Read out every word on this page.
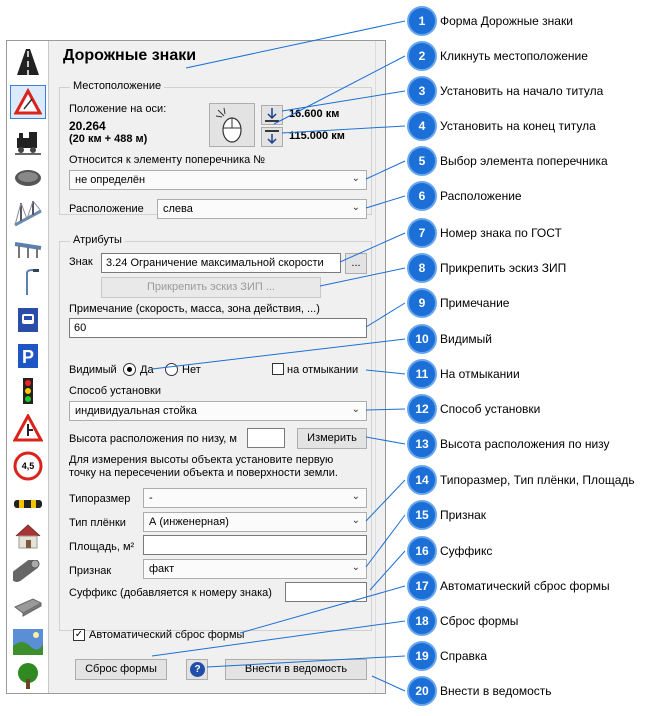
P
4,5
Дорожные знаки
Местоположение
Положение на оси:
20.264
(20 км + 488 м)
16.600 км
115.000 км
Относится к элементу поперечника №
не определён	⌄
Расположение	слева	⌄
Атрибуты
Знак	3.24 Ограничение максимальной скорости	...
Прикрепить эскиз ЗИП ...
Примечание (скорость, масса, зона действия, ...)
60
Видимый Да	Нет	на отмыкании
Способ установки
индивидуальная стойка	⌄
Высота расположения по низу, м	Измерить
Для измерения высоты объекта установите первую
точку на пересечении объекта и поверхности земли.
Типоразмер	-	⌄
Тип плёнки	А (инженерная)	⌄
Площадь, м²
Признак	факт	⌄
Суффикс (добавляется к номеру знака)
✓ Автоматический сброс формы
Сброс формы	?	Внести в ведомость
1	Форма Дорожные знаки
2	Кликнуть местоположение
3	Установить на начало титула
4	Установить на конец титула
5	Выбор элемента поперечника
6	Расположение
7	Номер знака по ГОСТ
8	Прикрепить эскиз ЗИП
9	Примечание
10 Видимый
11 На отмыкании
12 Способ установки
13 Высота расположения по низу
14 Типоразмер, Тип плёнки, Площадь
15 Признак
16 Суффикс
17 Автоматический сброс формы
18 Сброс формы
19 Справка
20 Внести в ведомость
